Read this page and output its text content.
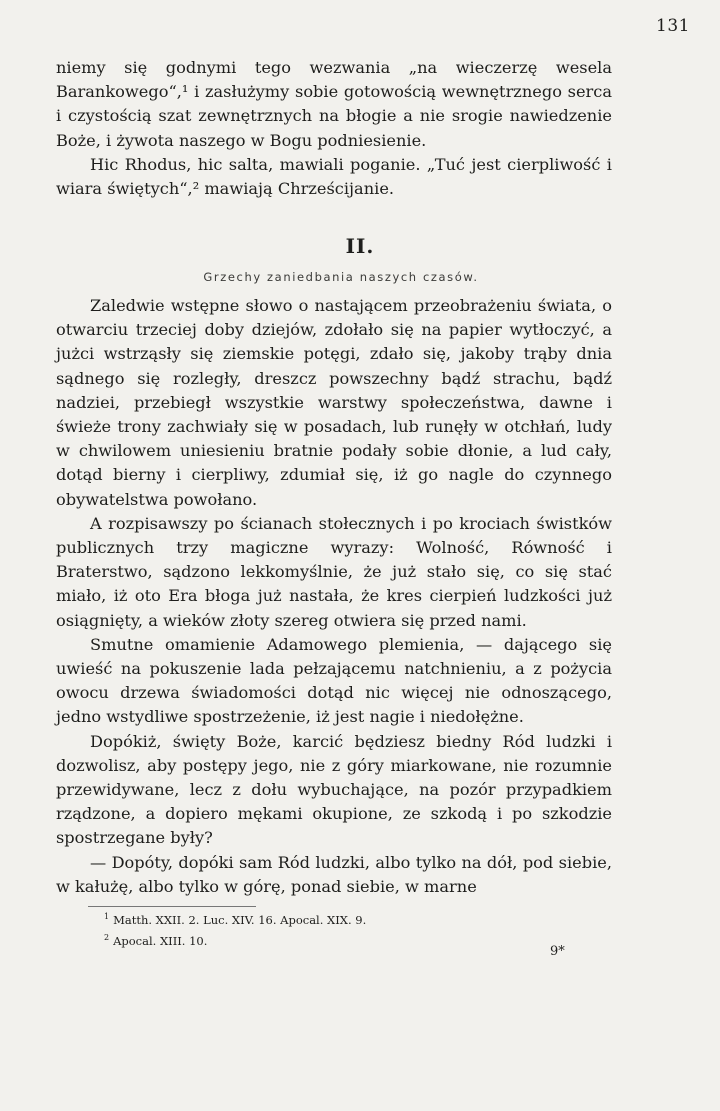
131

niemy się godnymi tego wezwania „na wieczerzę wesela Barankowego“,¹ i zasłużymy sobie gotowością wewnętrznego serca i czystością szat zewnętrznych na błogie a nie srogie nawiedzenie Boże, i żywota naszego w Bogu podniesienie.

Hic Rhodus, hic salta, mawiali poganie. „Tuć jest cierpliwość i wiara świętych“,² mawiają Chrześcijanie.

II.
Grzechy zaniedbania naszych czasów.

Zaledwie wstępne słowo o nastającem przeobrażeniu świata, o otwarciu trzeciej doby dziejów, zdołało się na papier wytłoczyć, a jużci wstrząsły się ziemskie potęgi, zdało się, jakoby trąby dnia sądnego się rozległy, dreszcz powszechny bądź strachu, bądź nadziei, przebiegł wszystkie warstwy społeczeństwa, dawne i świeże trony zachwiały się w posadach, lub runęły w otchłań, ludy w chwilowem uniesieniu bratnie podały sobie dłonie, a lud cały, dotąd bierny i cierpliwy, zdumiał się, iż go nagle do czynnego obywatelstwa powołano.

A rozpisawszy po ścianach stołecznych i po krociach świstków publicznych trzy magiczne wyrazy: Wolność, Równość i Braterstwo, sądzono lekkomyślnie, że już stało się, co się stać miało, iż oto Era błoga już nastała, że kres cierpień ludzkości już osiągnięty, a wieków złoty szereg otwiera się przed nami.

Smutne omamienie Adamowego plemienia, — dającego się uwieść na pokuszenie lada pełzającemu natchnieniu, a z pożycia owocu drzewa świadomości dotąd nic więcej nie odnoszącego, jedno wstydliwe spostrzeżenie, iż jest nagie i niedołężne.

Dopókiż, święty Boże, karcić będziesz biedny Ród ludzki i dozwolisz, aby postępy jego, nie z góry miarkowane, nie rozumnie przewidywane, lecz z dołu wybuchające, na pozór przypadkiem rządzone, a dopiero mękami okupione, ze szkodą i po szkodzie spostrzegane były?

— Dopóty, dopóki sam Ród ludzki, albo tylko na dół, pod siebie, w kałużę, albo tylko w górę, ponad siebie, w marne

$^1$ Matth. XXII. 2. Luc. XIV. 16. Apocal. XIX. 9.

$^2$ Apocal. XIII. 10.

9*
